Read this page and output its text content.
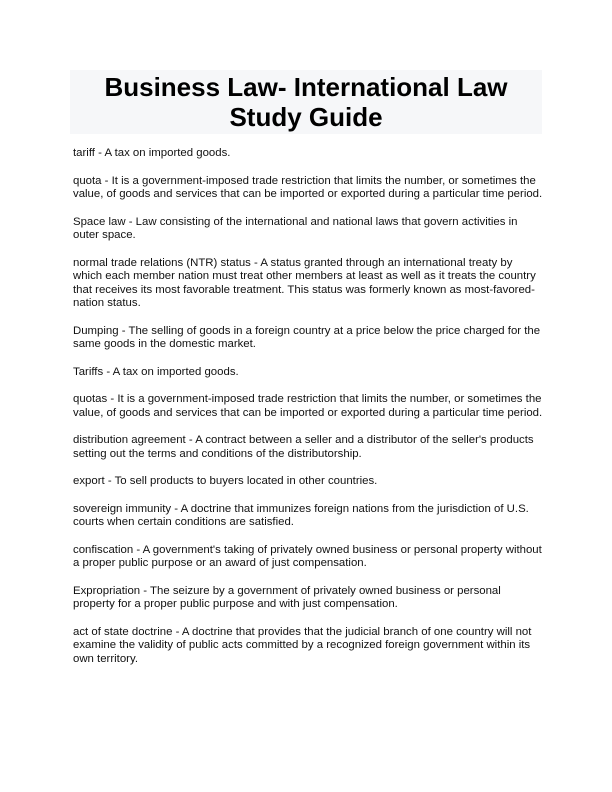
Business Law- International Law Study Guide

tariff - A tax on imported goods.

quota - It is a government-imposed trade restriction that limits the number, or sometimes the value, of goods and services that can be imported or exported during a particular time period.

Space law - Law consisting of the international and national laws that govern activities in outer space.

normal trade relations (NTR) status - A status granted through an international treaty by which each member nation must treat other members at least as well as it treats the country that receives its most favorable treatment. This status was formerly known as most-favored-nation status.

Dumping - The selling of goods in a foreign country at a price below the price charged for the same goods in the domestic market.

Tariffs - A tax on imported goods.

quotas - It is a government-imposed trade restriction that limits the number, or sometimes the value, of goods and services that can be imported or exported during a particular time period.

distribution agreement - A contract between a seller and a distributor of the seller's products setting out the terms and conditions of the distributorship.

export - To sell products to buyers located in other countries.

sovereign immunity - A doctrine that immunizes foreign nations from the jurisdiction of U.S. courts when certain conditions are satisfied.

confiscation - A government's taking of privately owned business or personal property without a proper public purpose or an award of just compensation.

Expropriation - The seizure by a government of privately owned business or personal property for a proper public purpose and with just compensation.

act of state doctrine - A doctrine that provides that the judicial branch of one country will not examine the validity of public acts committed by a recognized foreign government within its own territory.
